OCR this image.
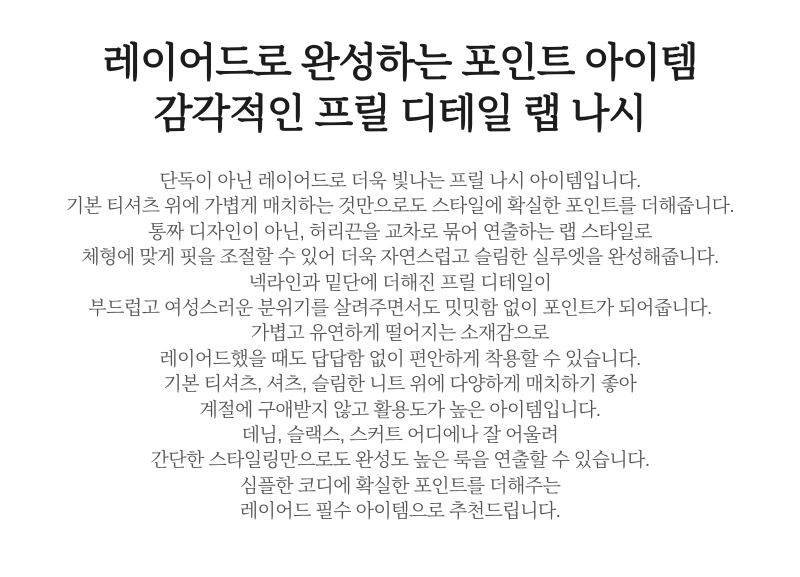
레이어드로 완성하는 포인트 아이템
감각적인 프릴 디테일 랩 나시
단독이 아닌 레이어드로 더욱 빛나는 프릴 나시 아이템입니다.
기본 티셔츠 위에 가볍게 매치하는 것만으로도 스타일에 확실한 포인트를 더해줍니다.
통짜 디자인이 아닌, 허리끈을 교차로 묶어 연출하는 랩 스타일로
체형에 맞게 핏을 조절할 수 있어 더욱 자연스럽고 슬림한 실루엣을 완성해줍니다.
넥라인과 밑단에 더해진 프릴 디테일이
부드럽고 여성스러운 분위기를 살려주면서도 밋밋함 없이 포인트가 되어줍니다.
가볍고 유연하게 떨어지는 소재감으로
레이어드했을 때도 답답함 없이 편안하게 착용할 수 있습니다.
기본 티셔츠, 셔츠, 슬림한 니트 위에 다양하게 매치하기 좋아
계절에 구애받지 않고 활용도가 높은 아이템입니다.
데님, 슬랙스, 스커트 어디에나 잘 어울려
간단한 스타일링만으로도 완성도 높은 룩을 연출할 수 있습니다.
심플한 코디에 확실한 포인트를 더해주는
레이어드 필수 아이템으로 추천드립니다.
